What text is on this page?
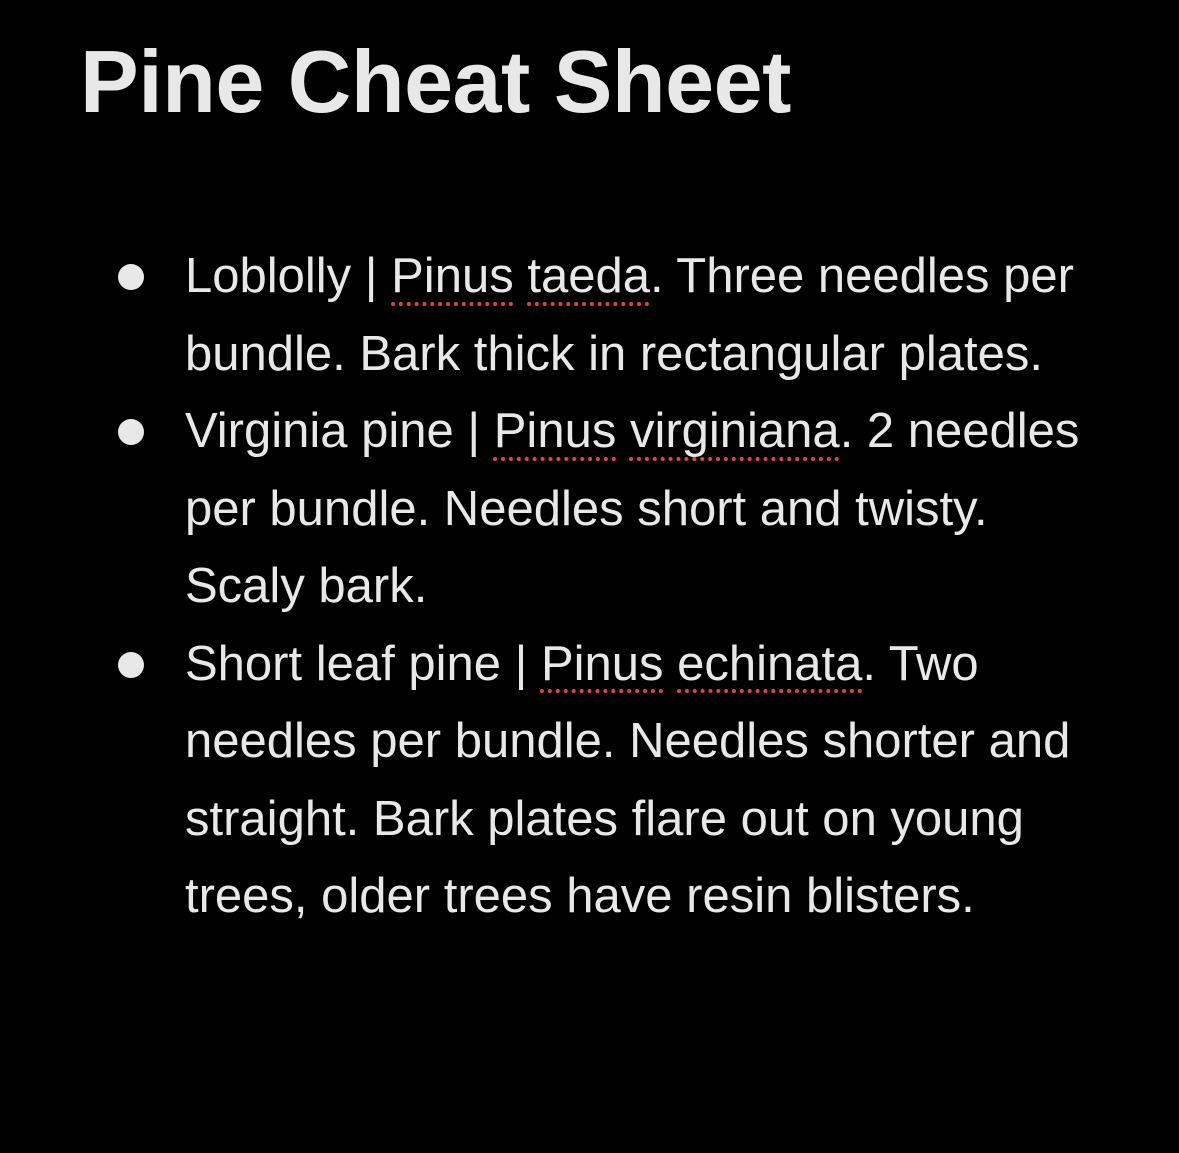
Pine Cheat Sheet
Loblolly | Pinus taeda. Three needles per bundle. Bark thick in rectangular plates.
Virginia pine | Pinus virginiana. 2 needles per bundle. Needles short and twisty. Scaly bark.
Short leaf pine | Pinus echinata. Two needles per bundle. Needles shorter and straight. Bark plates flare out on young trees, older trees have resin blisters.
